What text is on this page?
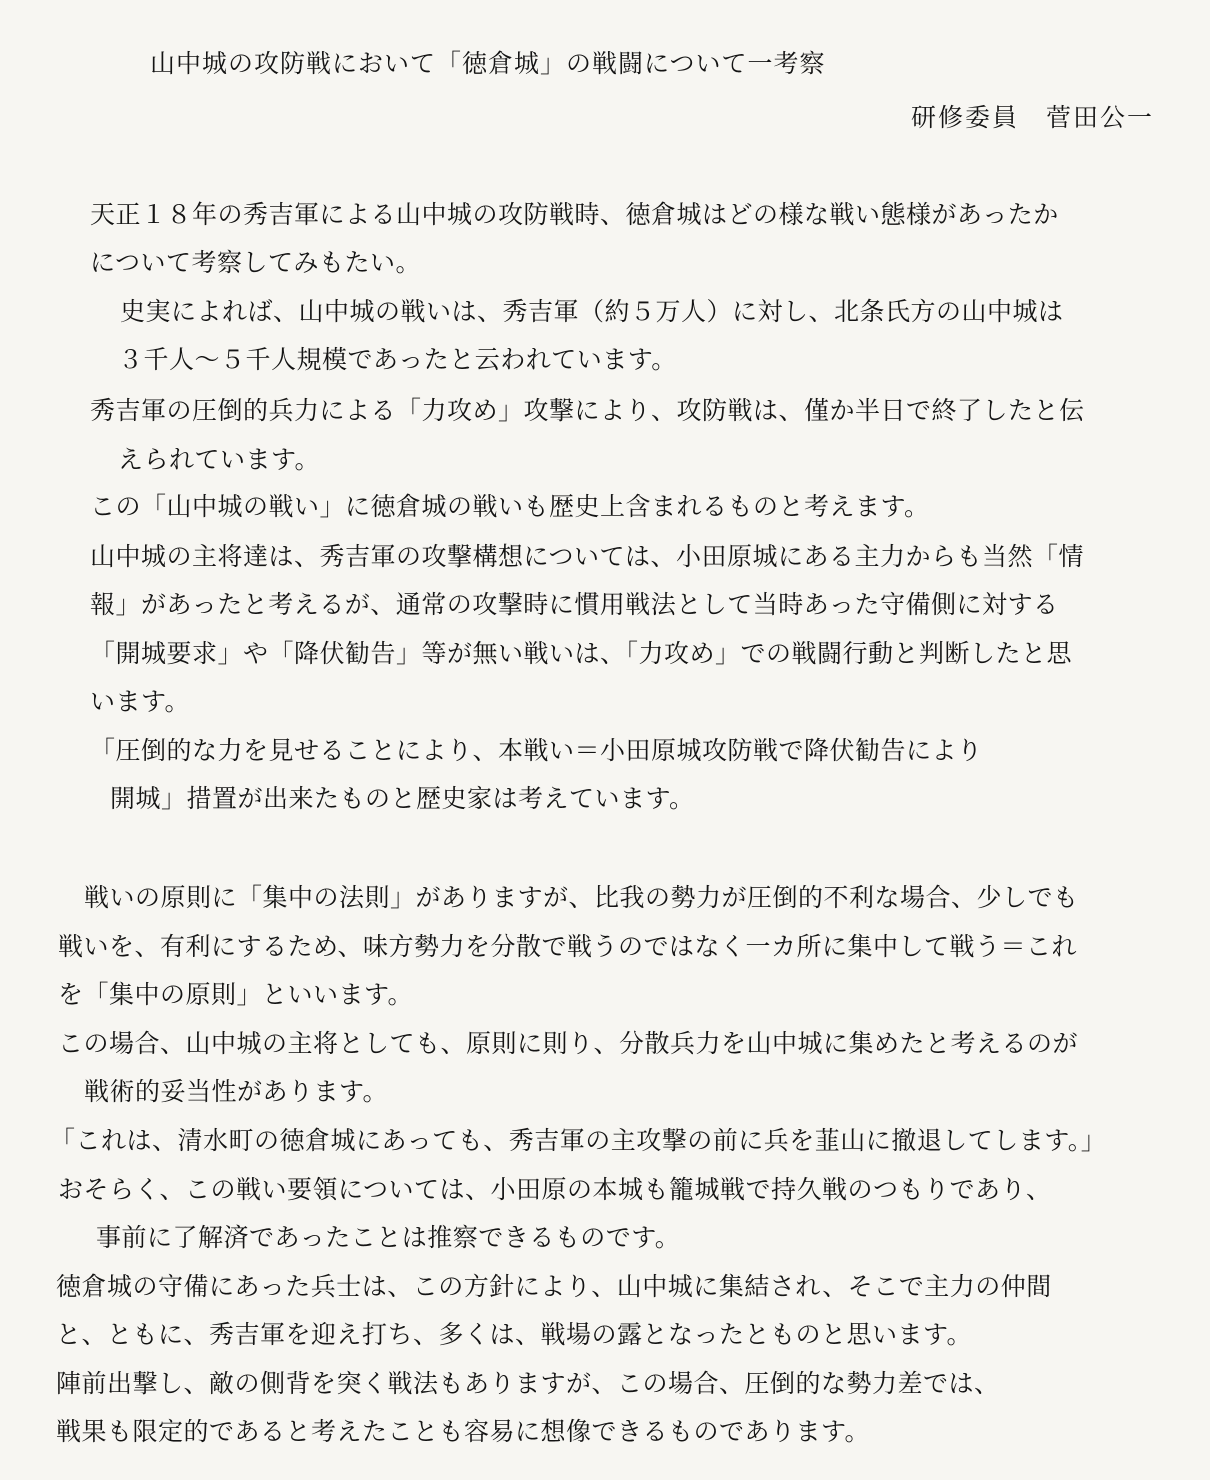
山中城の攻防戦において「徳倉城」の戦闘について一考察
研修委員　菅田公一
天正１８年の秀吉軍による山中城の攻防戦時、徳倉城はどの様な戦い態様があったか
について考察してみもたい。
史実によれば、山中城の戦いは、秀吉軍（約５万人）に対し、北条氏方の山中城は
３千人～５千人規模であったと云われています。
秀吉軍の圧倒的兵力による「力攻め」攻撃により、攻防戦は、僅か半日で終了したと伝
えられています。
この「山中城の戦い」に徳倉城の戦いも歴史上含まれるものと考えます。
山中城の主将達は、秀吉軍の攻撃構想については、小田原城にある主力からも当然「情
報」があったと考えるが、通常の攻撃時に慣用戦法として当時あった守備側に対する
「開城要求」や「降伏勧告」等が無い戦いは、「力攻め」での戦闘行動と判断したと思
います。
「圧倒的な力を見せることにより、本戦い＝小田原城攻防戦で降伏勧告により
開城」措置が出来たものと歴史家は考えています。
戦いの原則に「集中の法則」がありますが、比我の勢力が圧倒的不利な場合、少しでも
戦いを、有利にするため、味方勢力を分散で戦うのではなく一カ所に集中して戦う＝これ
を「集中の原則」といいます。
この場合、山中城の主将としても、原則に則り、分散兵力を山中城に集めたと考えるのが
戦術的妥当性があります。
「これは、清水町の徳倉城にあっても、秀吉軍の主攻撃の前に兵を韮山に撤退してします。」
おそらく、この戦い要領については、小田原の本城も籠城戦で持久戦のつもりであり、
事前に了解済であったことは推察できるものです。
徳倉城の守備にあった兵士は、この方針により、山中城に集結され、そこで主力の仲間
と、ともに、秀吉軍を迎え打ち、多くは、戦場の露となったとものと思います。
陣前出撃し、敵の側背を突く戦法もありますが、この場合、圧倒的な勢力差では、
戦果も限定的であると考えたことも容易に想像できるものであります。
